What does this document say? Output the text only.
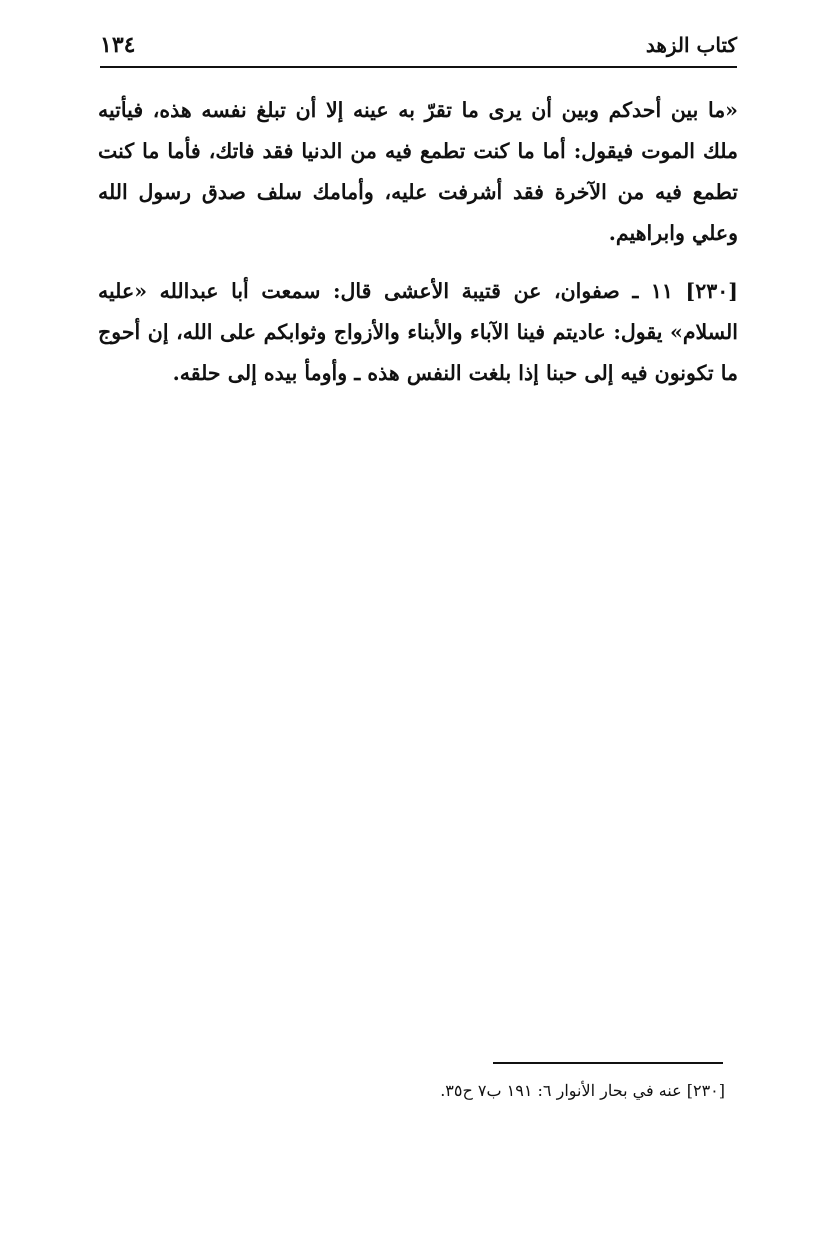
كتاب الزهد
١٣٤

«ما بين أحدكم وبين أن يرى ما تقرّ به عينه إلا أن تبلغ نفسه هذه، فيأتيه ملك الموت فيقول: أما ما كنت تطمع فيه من الدنيا فقد فاتك، فأما ما كنت تطمع فيه من الآخرة فقد أشرفت عليه، وأمامك سلف صدق رسول الله وعلي وابراهيم.

[٢٣٠] ١١ ـ صفوان، عن قتيبة الأعشى قال: سمعت أبا عبدالله «عليه السلام» يقول: عاديتم فينا الآباء والأبناء والأزواج وثوابكم على الله، إن أحوج ما تكونون فيه إلى حبنا إذا بلغت النفس هذه ـ وأومأ بيده إلى حلقه.

[٢٣٠] عنه في بحار الأنوار ٦: ١٩١ ب٧ ح٣٥.
